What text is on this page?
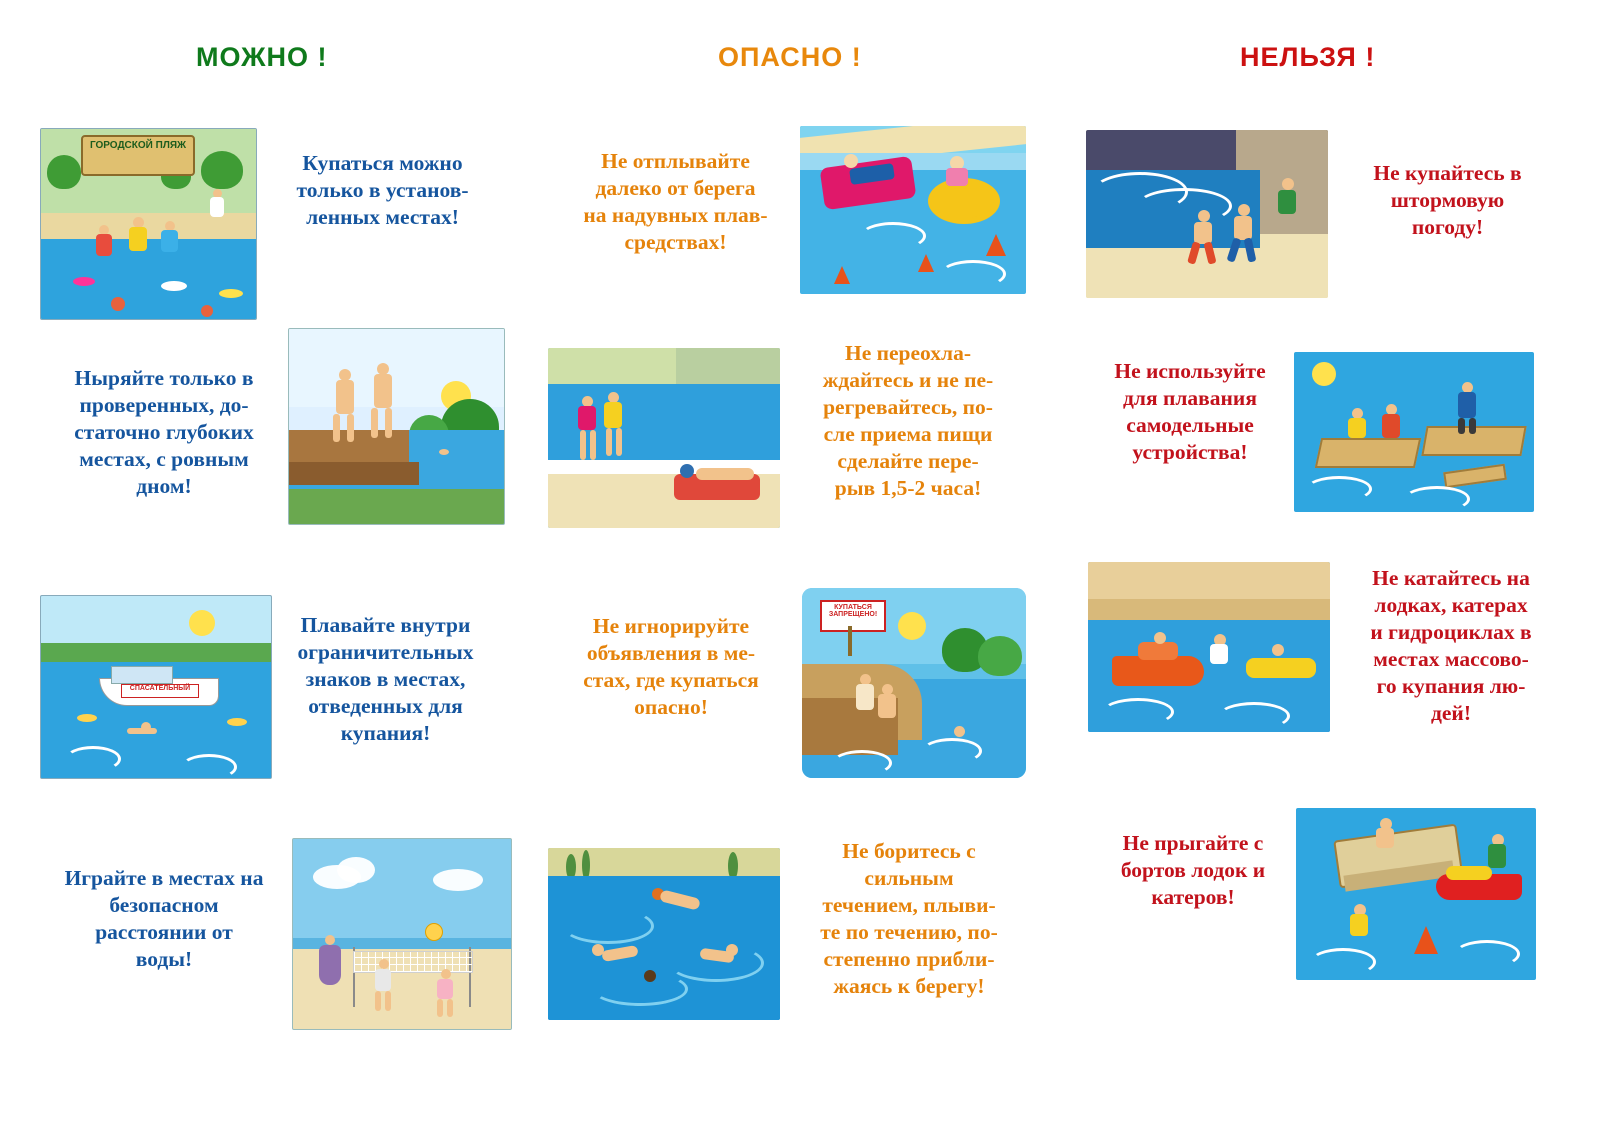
МОЖНО !	ОПАСНО !	НЕЛЬЗЯ !
ГОРОДСКОЙ ПЛЯЖ
Купаться можно
только в установ-
ленных местах!
Ныряйте только в
проверенных, до-
статочно глубоких
местах, с ровным
дном!
СПАСАТЕЛЬНЫЙ
Плавайте внутри
ограничительных
знаков в местах,
отведенных для
купания!
Играйте в местах на
безопасном
расстоянии от
воды!
Не отплывайте
далеко от берега
на надувных плав-
средствах!
Не переохла-
ждайтесь и не пе-
регревайтесь, по-
сле приема пищи
сделайте пере-
рыв 1,5-2 часа!
Не игнорируйте
объявления в ме-
стах, где купаться
опасно!
КУПАТЬСЯ
ЗАПРЕЩЕНО!
Не боритесь с
сильным
течением, плыви-
те по течению, по-
степенно прибли-
жаясь к берегу!
Не купайтесь в
штормовую
погоду!
Не используйте
для плавания
самодельные
устройства!
Не катайтесь на
лодках, катерах
и гидроциклах в
местах массово-
го купания лю-
дей!
Не прыгайте с
бортов лодок и
катеров!
